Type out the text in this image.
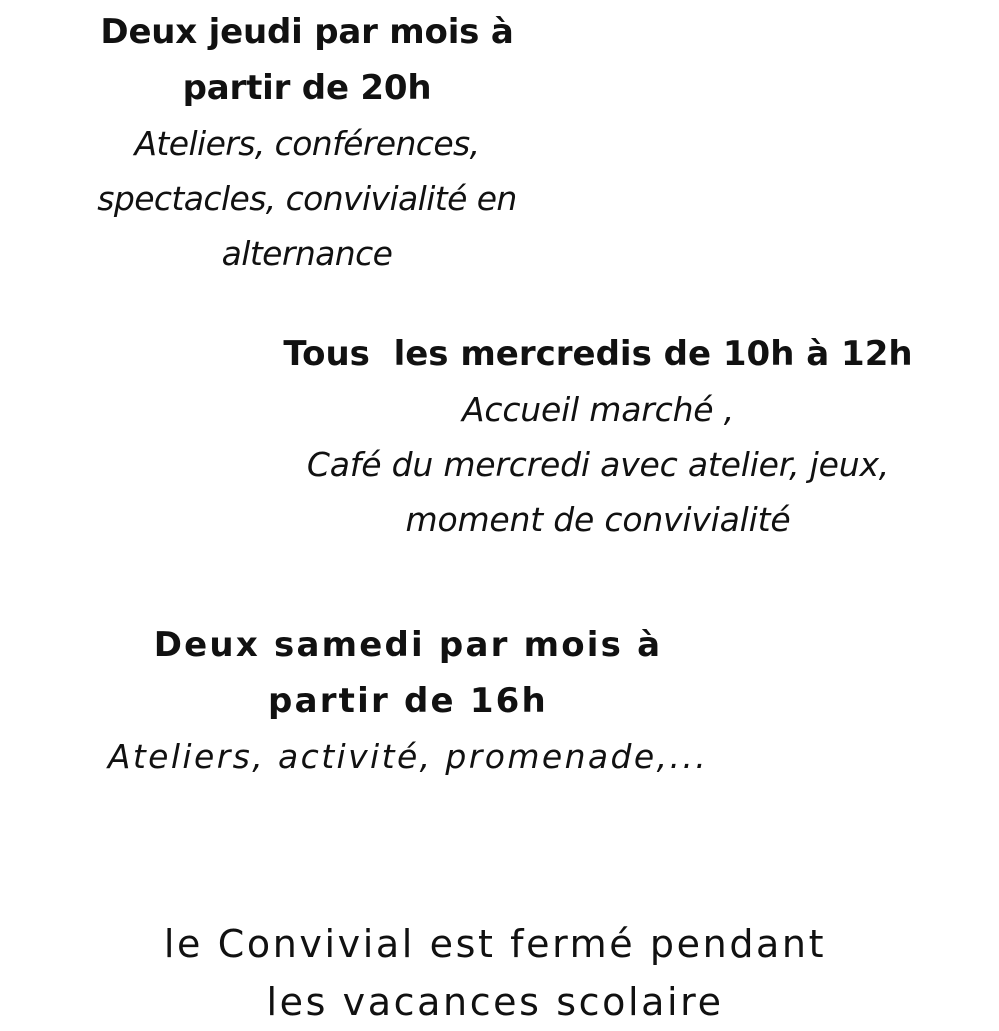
Deux jeudi par mois à
partir de 20h
Ateliers, conférences,
spectacles, convivialité en
alternance
Tous  les mercredis de 10h à 12h
Accueil marché ,
Café du mercredi avec atelier, jeux,
moment de convivialité
Deux samedi par mois à
partir de 16h
Ateliers, activité, promenade,...
le Convivial est fermé pendant
les vacances scolaire
